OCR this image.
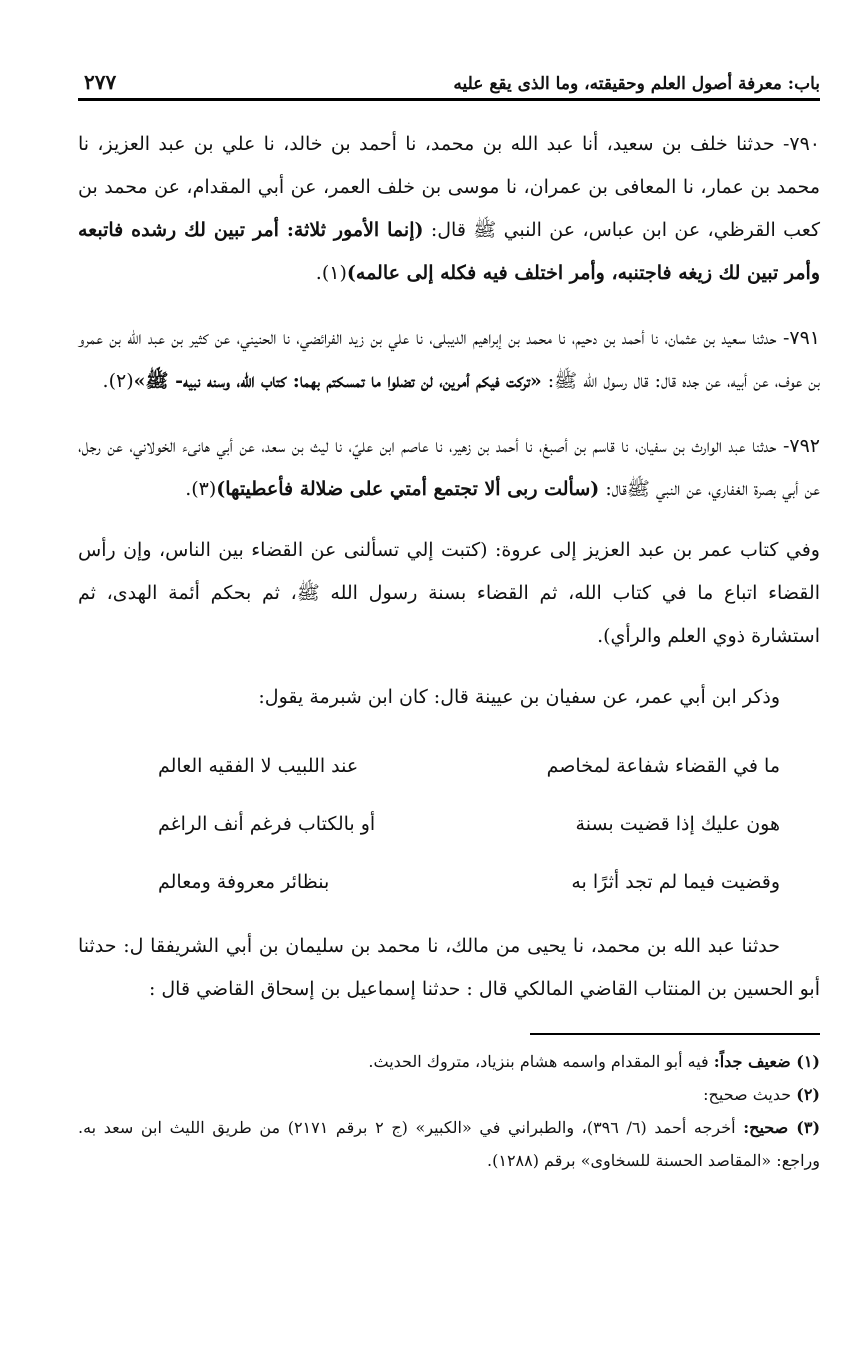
باب: معرفة أصول العلم وحقيقته، وما الذى يقع عليه
٢٧٧

٧٩٠- حدثنا خلف بن سعيد، أنا عبد الله بن محمد، نا أحمد بن خالد، نا علي بن عبد العزيز، نا محمد بن عمار، نا المعافى بن عمران، نا موسى بن خلف العمر، عن أبي المقدام، عن محمد بن كعب القرظي، عن ابن عباس، عن النبي ﷺ قال: (إنما الأمور ثلاثة: أمر تبين لك رشده فاتبعه وأمر تبين لك زيغه فاجتنبه، وأمر اختلف فيه فكله إلى عالمه)(١).

٧٩١- حدثنا سعيد بن عثمان، نا أحمد بن دحيم، نا محمد بن إبراهيم الديبلى، نا علي بن زيد الفرائضي، نا الحنيني، عن كثير بن عبد الله بن عمرو بن عوف، عن أبيه، عن جده قال: قال رسول الله ﷺ: «تركت فيكم أمرين، لن تضلوا ما تمسكتم بهما: كتاب الله، وسنه نبيه- ﷺ»(٢).

٧٩٢- حدثنا عبد الوارث بن سفيان، نا قاسم بن أصبغ، نا أحمد بن زهير، نا عاصم ابن عليّ، نا ليث بن سعد، عن أبي هانىء الخولاني، عن رجل، عن أبي بصرة الغفاري، عن النبي ﷺقال: (سألت ربى ألا تجتمع أمتي على ضلالة فأعطيتها)(٣).

وفي كتاب عمر بن عبد العزيز إلى عروة: (كتبت إلي تسألنى عن القضاء بين الناس، وإن رأس القضاء اتباع ما في كتاب الله، ثم القضاء بسنة رسول الله ﷺ، ثم بحكم أئمة الهدى، ثم استشارة ذوي العلم والرأي).

وذكر ابن أبي عمر، عن سفيان بن عيينة قال: كان ابن شبرمة يقول:

ما في القضاء شفاعة لمخاصم
عند اللبيب لا الفقيه العالم
هون عليك إذا قضيت بسنة
أو بالكتاب فرغم أنف الراغم
وقضيت فيما لم تجد أثرًا به
بنظائر معروفة ومعالم

حدثنا عبد الله بن محمد، نا يحيى من مالك، نا محمد بن سليمان بن أبي الشريفقا ل: حدثنا أبو الحسين بن المنتاب القاضي المالكي قال : حدثنا إسماعيل بن إسحاق القاضي قال :

(١) ضعيف جداً: فيه أبو المقدام واسمه هشام بنزياد، متروك الحديث.

(٢) حديث صحيح:

(٣) صحيح: أخرجه أحمد (٦/ ٣٩٦)، والطبراني في «الكبير» (ج ٢ برقم ٢١٧١) من طريق الليث ابن سعد به. وراجع: «المقاصد الحسنة للسخاوى» برقم (١٢٨٨).
